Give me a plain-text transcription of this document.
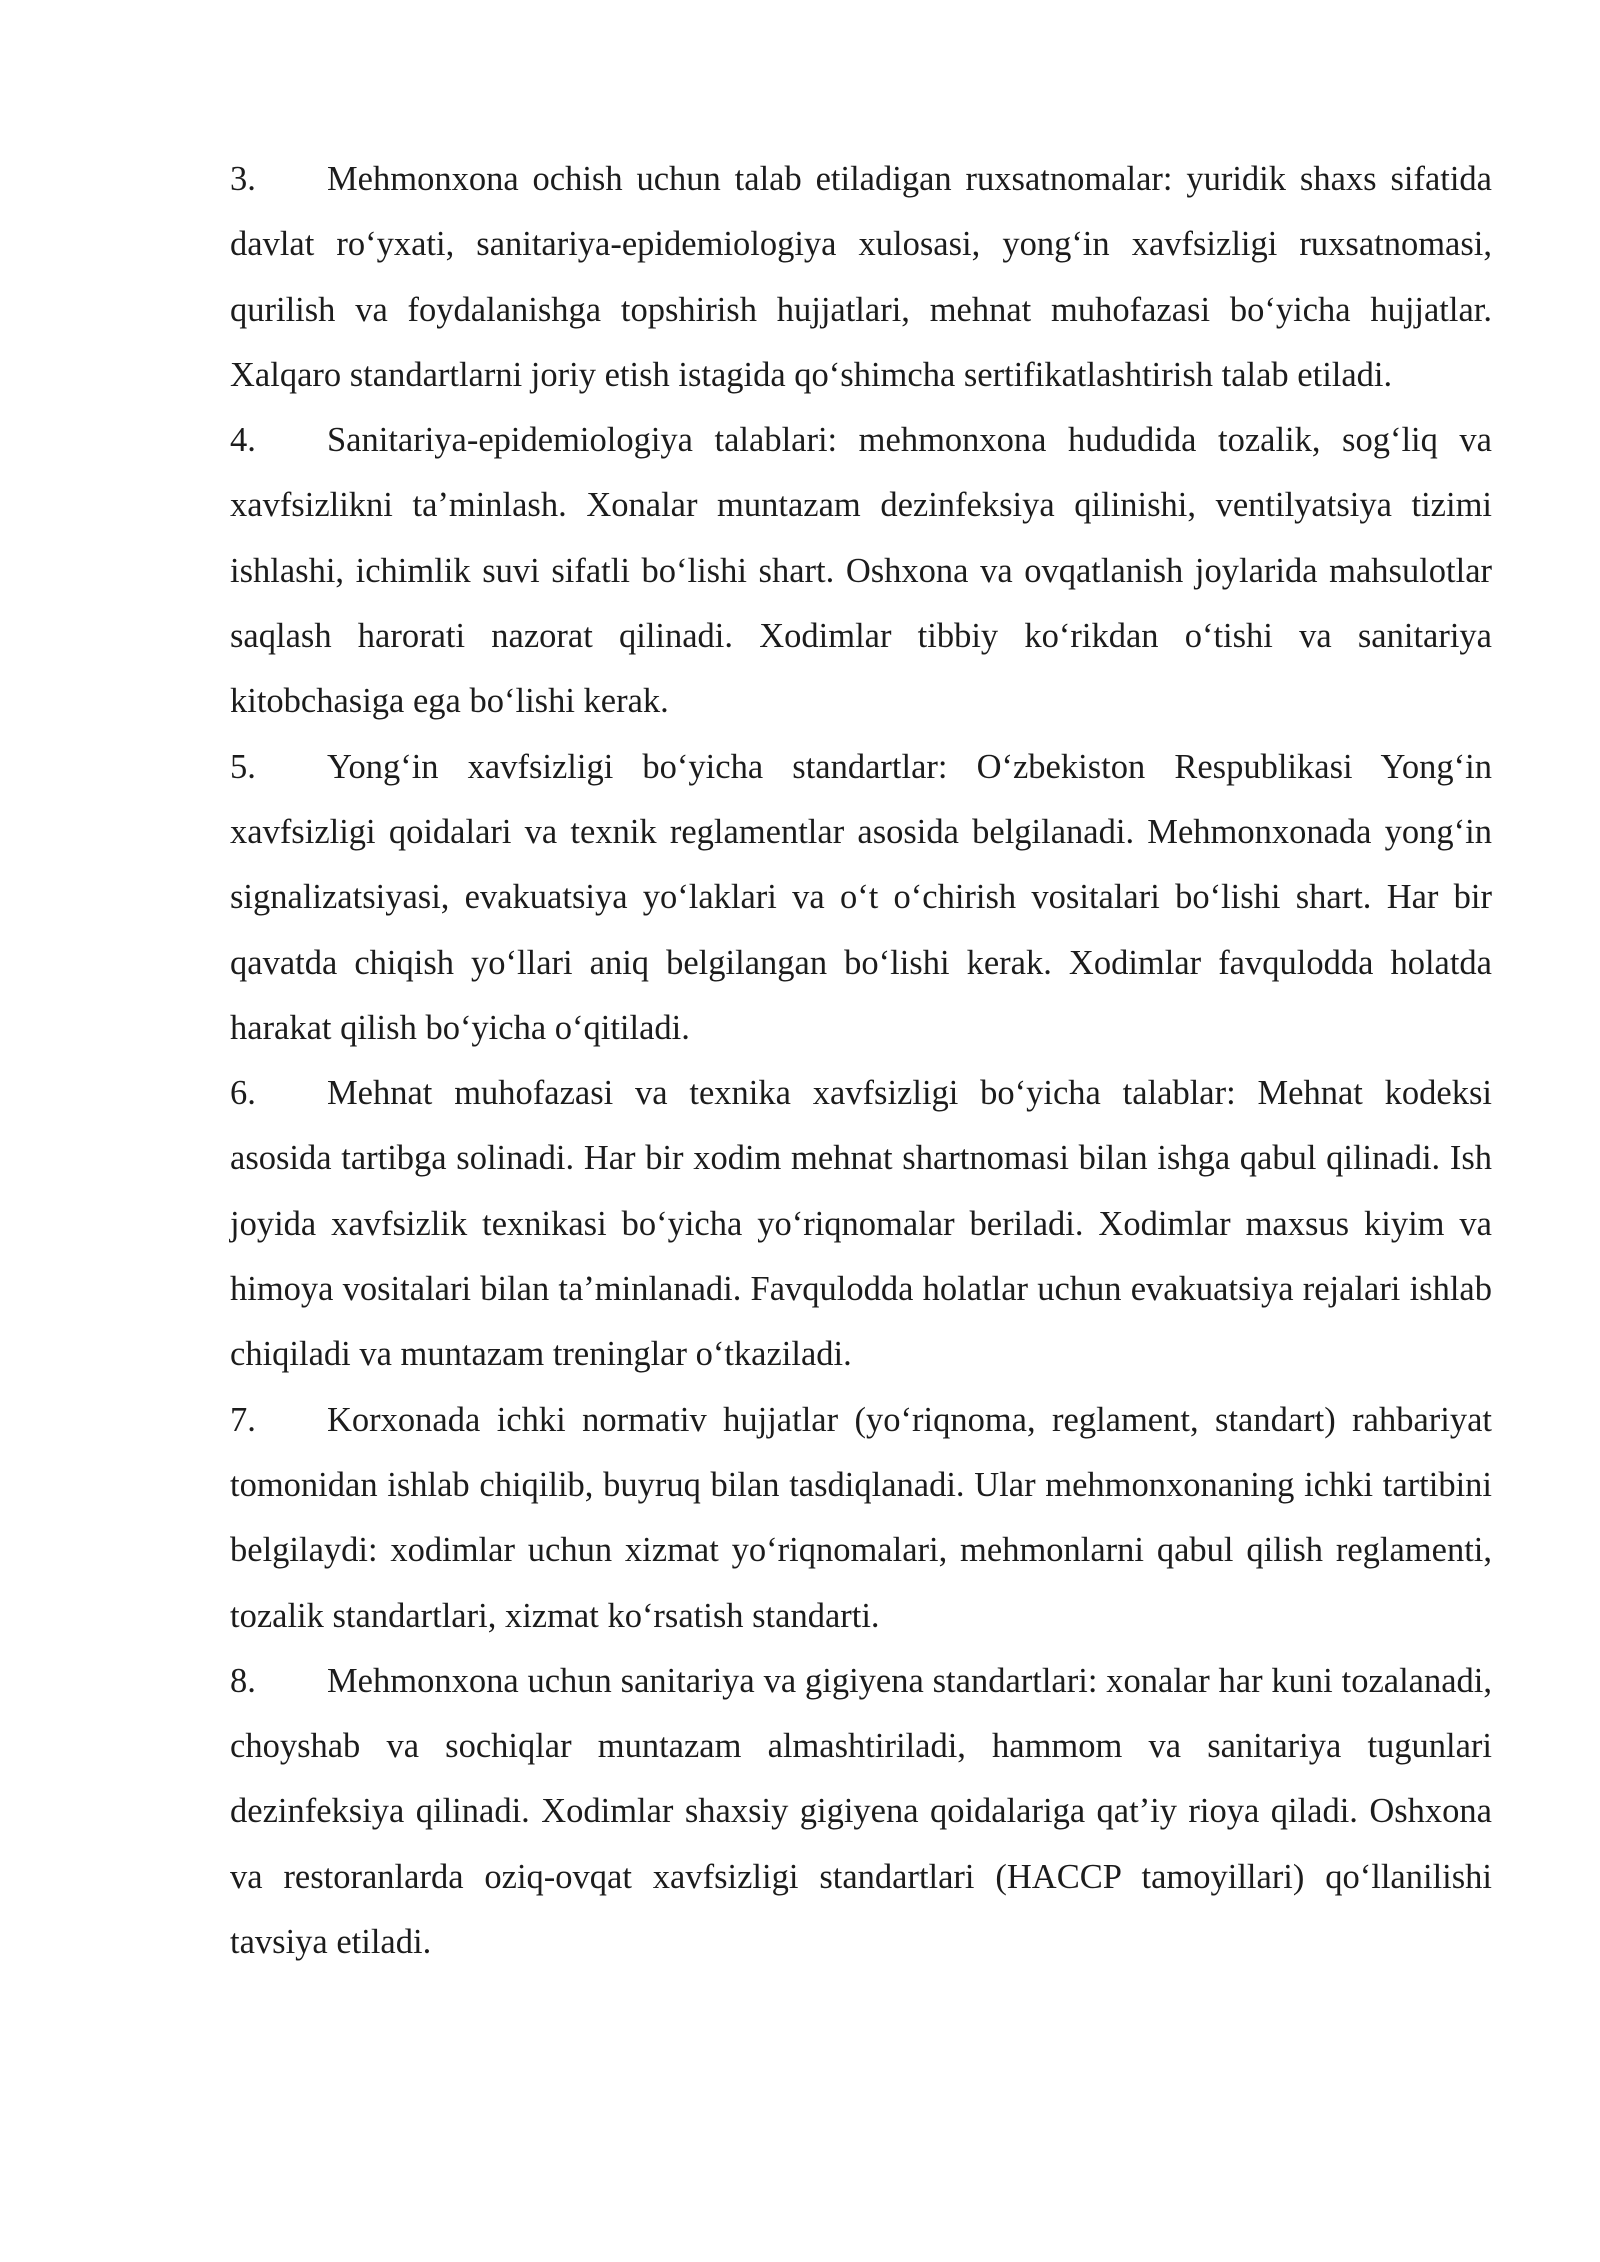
3. Mehmonxona ochish uchun talab etiladigan ruxsatnomalar: yuridik shaxs sifatida davlat roʻyxati, sanitariya-epidemiologiya xulosasi, yongʻin xavfsizligi ruxsatnomasi, qurilish va foydalanishga topshirish hujjatlari, mehnat muhofazasi boʻyicha hujjatlar. Xalqaro standartlarni joriy etish istagida qoʻshimcha sertifikatlashtirish talab etiladi.

4. Sanitariya-epidemiologiya talablari: mehmonxona hududida tozalik, sogʻliq va xavfsizlikni taʼminlash. Xonalar muntazam dezinfeksiya qilinishi, ventilyatsiya tizimi ishlashi, ichimlik suvi sifatli boʻlishi shart. Oshxona va ovqatlanish joylarida mahsulotlar saqlash harorati nazorat qilinadi. Xodimlar tibbiy koʻrikdan oʻtishi va sanitariya kitobchasiga ega boʻlishi kerak.

5. Yongʻin xavfsizligi boʻyicha standartlar: Oʻzbekiston Respublikasi Yongʻin xavfsizligi qoidalari va texnik reglamentlar asosida belgilanadi. Mehmonxonada yongʻin signalizatsiyasi, evakuatsiya yoʻlaklari va oʻt oʻchirish vositalari boʻlishi shart. Har bir qavatda chiqish yoʻllari aniq belgilangan boʻlishi kerak. Xodimlar favqulodda holatda harakat qilish boʻyicha oʻqitiladi.

6. Mehnat muhofazasi va texnika xavfsizligi boʻyicha talablar: Mehnat kodeksi asosida tartibga solinadi. Har bir xodim mehnat shartnomasi bilan ishga qabul qilinadi. Ish joyida xavfsizlik texnikasi boʻyicha yoʻriqnomalar beriladi. Xodimlar maxsus kiyim va himoya vositalari bilan taʼminlanadi. Favqulodda holatlar uchun evakuatsiya rejalari ishlab chiqiladi va muntazam treninglar oʻtkaziladi.

7. Korxonada ichki normativ hujjatlar (yoʻriqnoma, reglament, standart) rahbariyat tomonidan ishlab chiqilib, buyruq bilan tasdiqlanadi. Ular mehmonxonaning ichki tartibini belgilaydi: xodimlar uchun xizmat yoʻriqnomalari, mehmonlarni qabul qilish reglamenti, tozalik standartlari, xizmat koʻrsatish standarti.

8. Mehmonxona uchun sanitariya va gigiyena standartlari: xonalar har kuni tozalanadi, choyshab va sochiqlar muntazam almashtiriladi, hammom va sanitariya tugunlari dezinfeksiya qilinadi. Xodimlar shaxsiy gigiyena qoidalariga qatʼiy rioya qiladi. Oshxona va restoranlarda oziq-ovqat xavfsizligi standartlari (HACCP tamoyillari) qoʻllanilishi tavsiya etiladi.
